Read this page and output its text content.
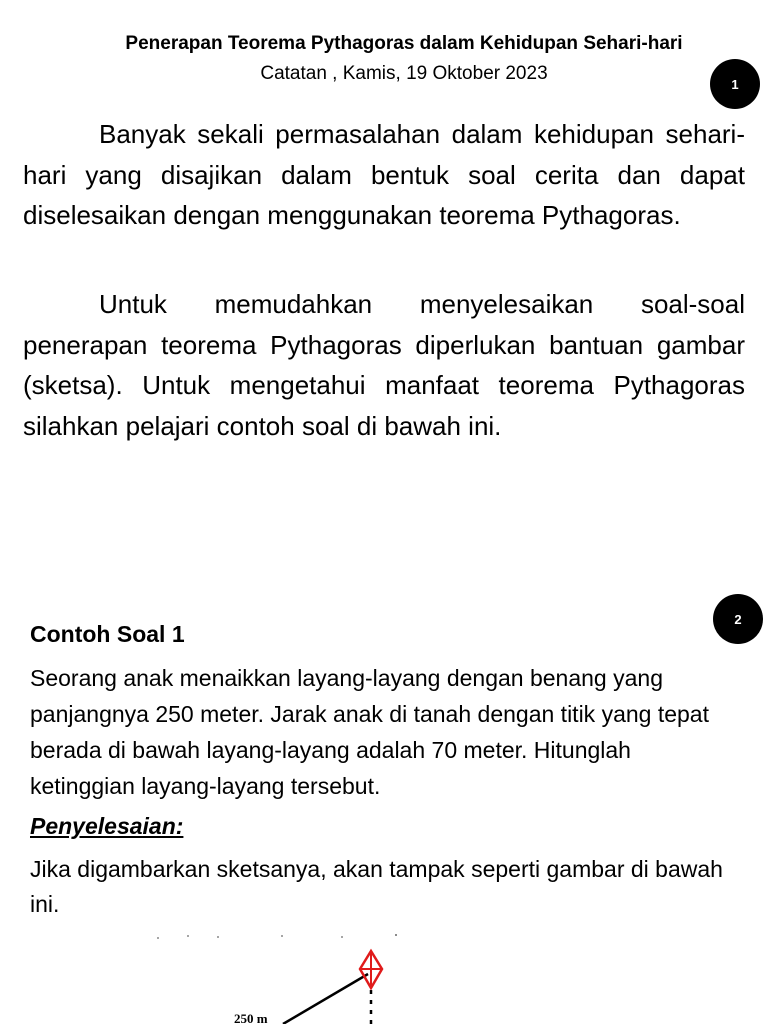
Penerapan Teorema Pythagoras dalam Kehidupan Sehari-hari
Catatan , Kamis, 19 Oktober 2023	1
Banyak sekali permasalahan dalam kehidupan sehari-hari yang disajikan dalam bentuk soal cerita dan dapat diselesaikan dengan menggunakan teorema Pythagoras.
Untuk memudahkan menyelesaikan soal-soal penerapan teorema Pythagoras diperlukan bantuan gambar (sketsa). Untuk mengetahui manfaat teorema Pythagoras silahkan pelajari contoh soal di bawah ini.
2
Contoh Soal 1
Seorang anak menaikkan layang-layang dengan benang yang panjangnya 250 meter. Jarak anak di tanah dengan titik yang tepat berada di bawah layang-layang adalah 70 meter. Hitunglah ketinggian layang-layang tersebut.
Penyelesaian:
Jika digambarkan sketsanya, akan tampak seperti gambar di bawah ini.
250 m
